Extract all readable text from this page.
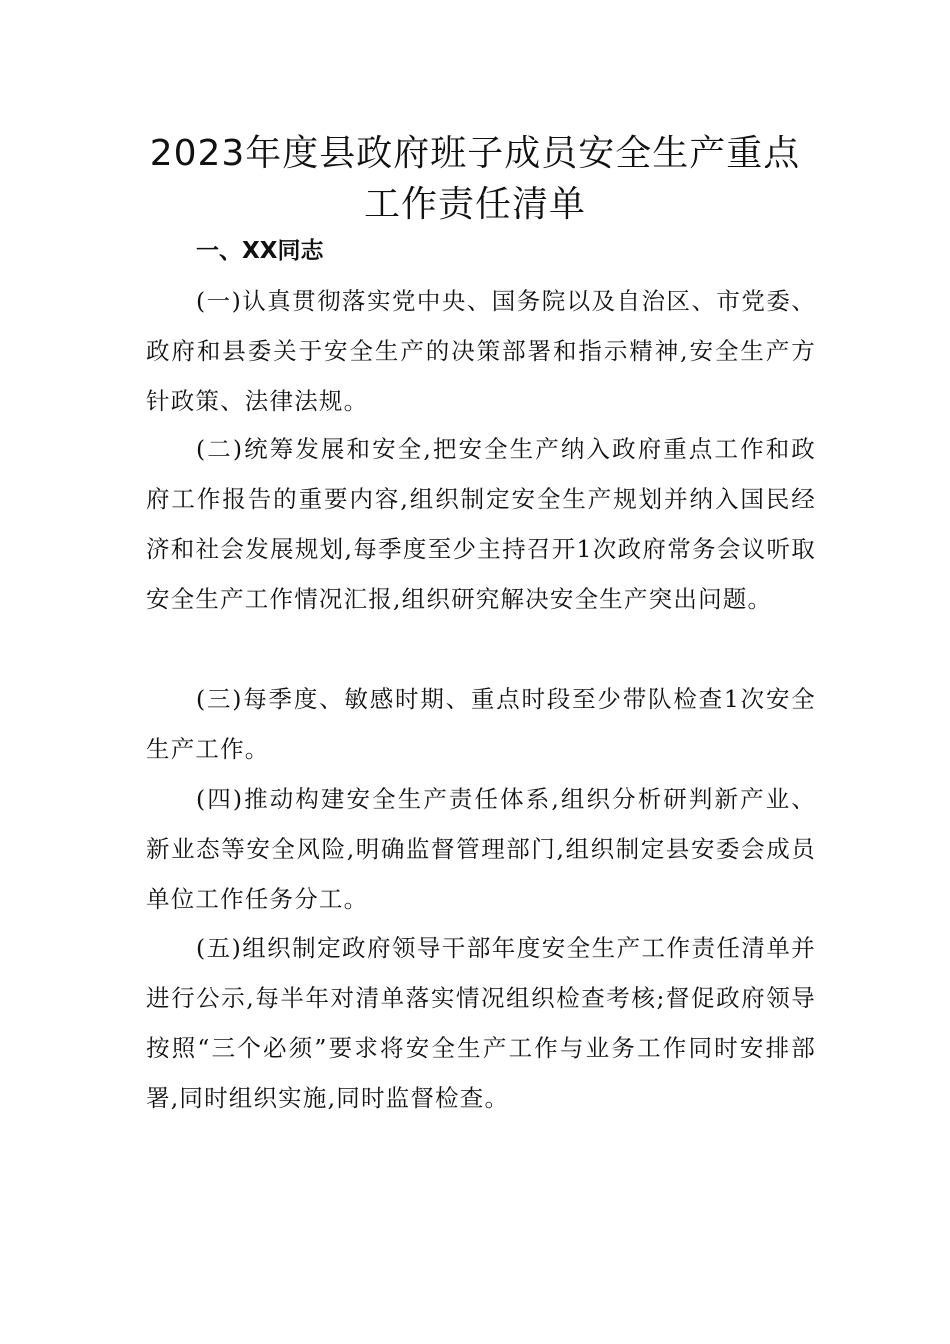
2023年度县政府班子成员安全生产重点
工作责任清单
一、XX同志

(一)认真贯彻落实党中央、国务院以及自治区、市党委、政府和县委关于安全生产的决策部署和指示精神,安全生产方针政策、法律法规。

(二)统筹发展和安全,把安全生产纳入政府重点工作和政府工作报告的重要内容,组织制定安全生产规划并纳入国民经济和社会发展规划,每季度至少主持召开1次政府常务会议听取安全生产工作情况汇报,组织研究解决安全生产突出问题。

(三)每季度、敏感时期、重点时段至少带队检查1次安全生产工作。

(四)推动构建安全生产责任体系,组织分析研判新产业、新业态等安全风险,明确监督管理部门,组织制定县安委会成员单位工作任务分工。

(五)组织制定政府领导干部年度安全生产工作责任清单并进行公示,每半年对清单落实情况组织检查考核;督促政府领导按照“三个必须”要求将安全生产工作与业务工作同时安排部署,同时组织实施,同时监督检查。
